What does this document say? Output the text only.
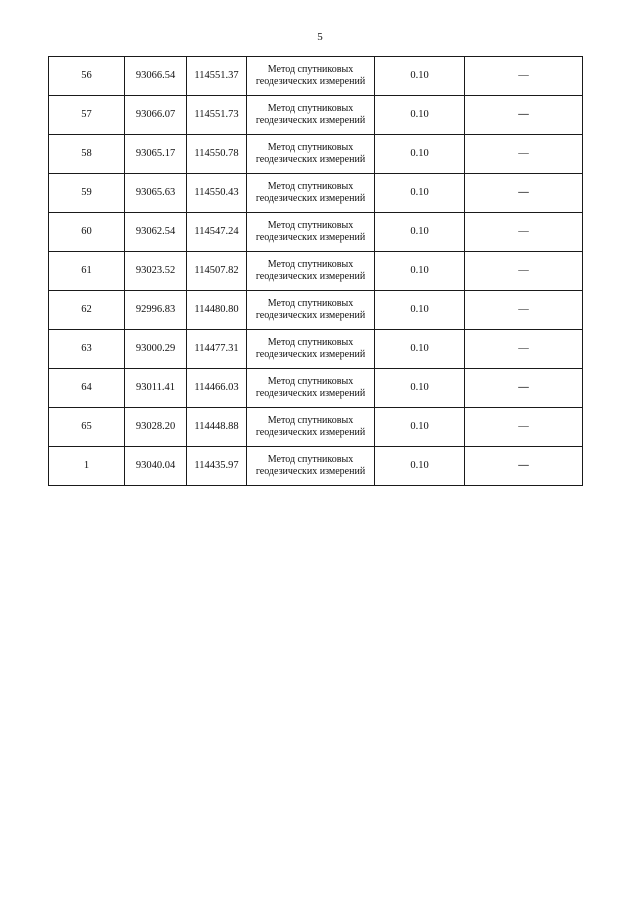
5
56	93066.54	114551.37	Метод спутниковых
геодезических измерений	0.10	—
57	93066.07	114551.73	Метод спутниковых
геодезических измерений	0.10	—
58	93065.17	114550.78	Метод спутниковых
геодезических измерений	0.10	—
59	93065.63	114550.43	Метод спутниковых
геодезических измерений	0.10	—
60	93062.54	114547.24	Метод спутниковых
геодезических измерений	0.10	—
61	93023.52	114507.82	Метод спутниковых
геодезических измерений	0.10	—
62	92996.83	114480.80	Метод спутниковых
геодезических измерений	0.10	—
63	93000.29	114477.31	Метод спутниковых
геодезических измерений	0.10	—
64	93011.41	114466.03	Метод спутниковых
геодезических измерений	0.10	—
65	93028.20	114448.88	Метод спутниковых
геодезических измерений	0.10	—
1	93040.04	114435.97	Метод спутниковых
геодезических измерений	0.10	—
